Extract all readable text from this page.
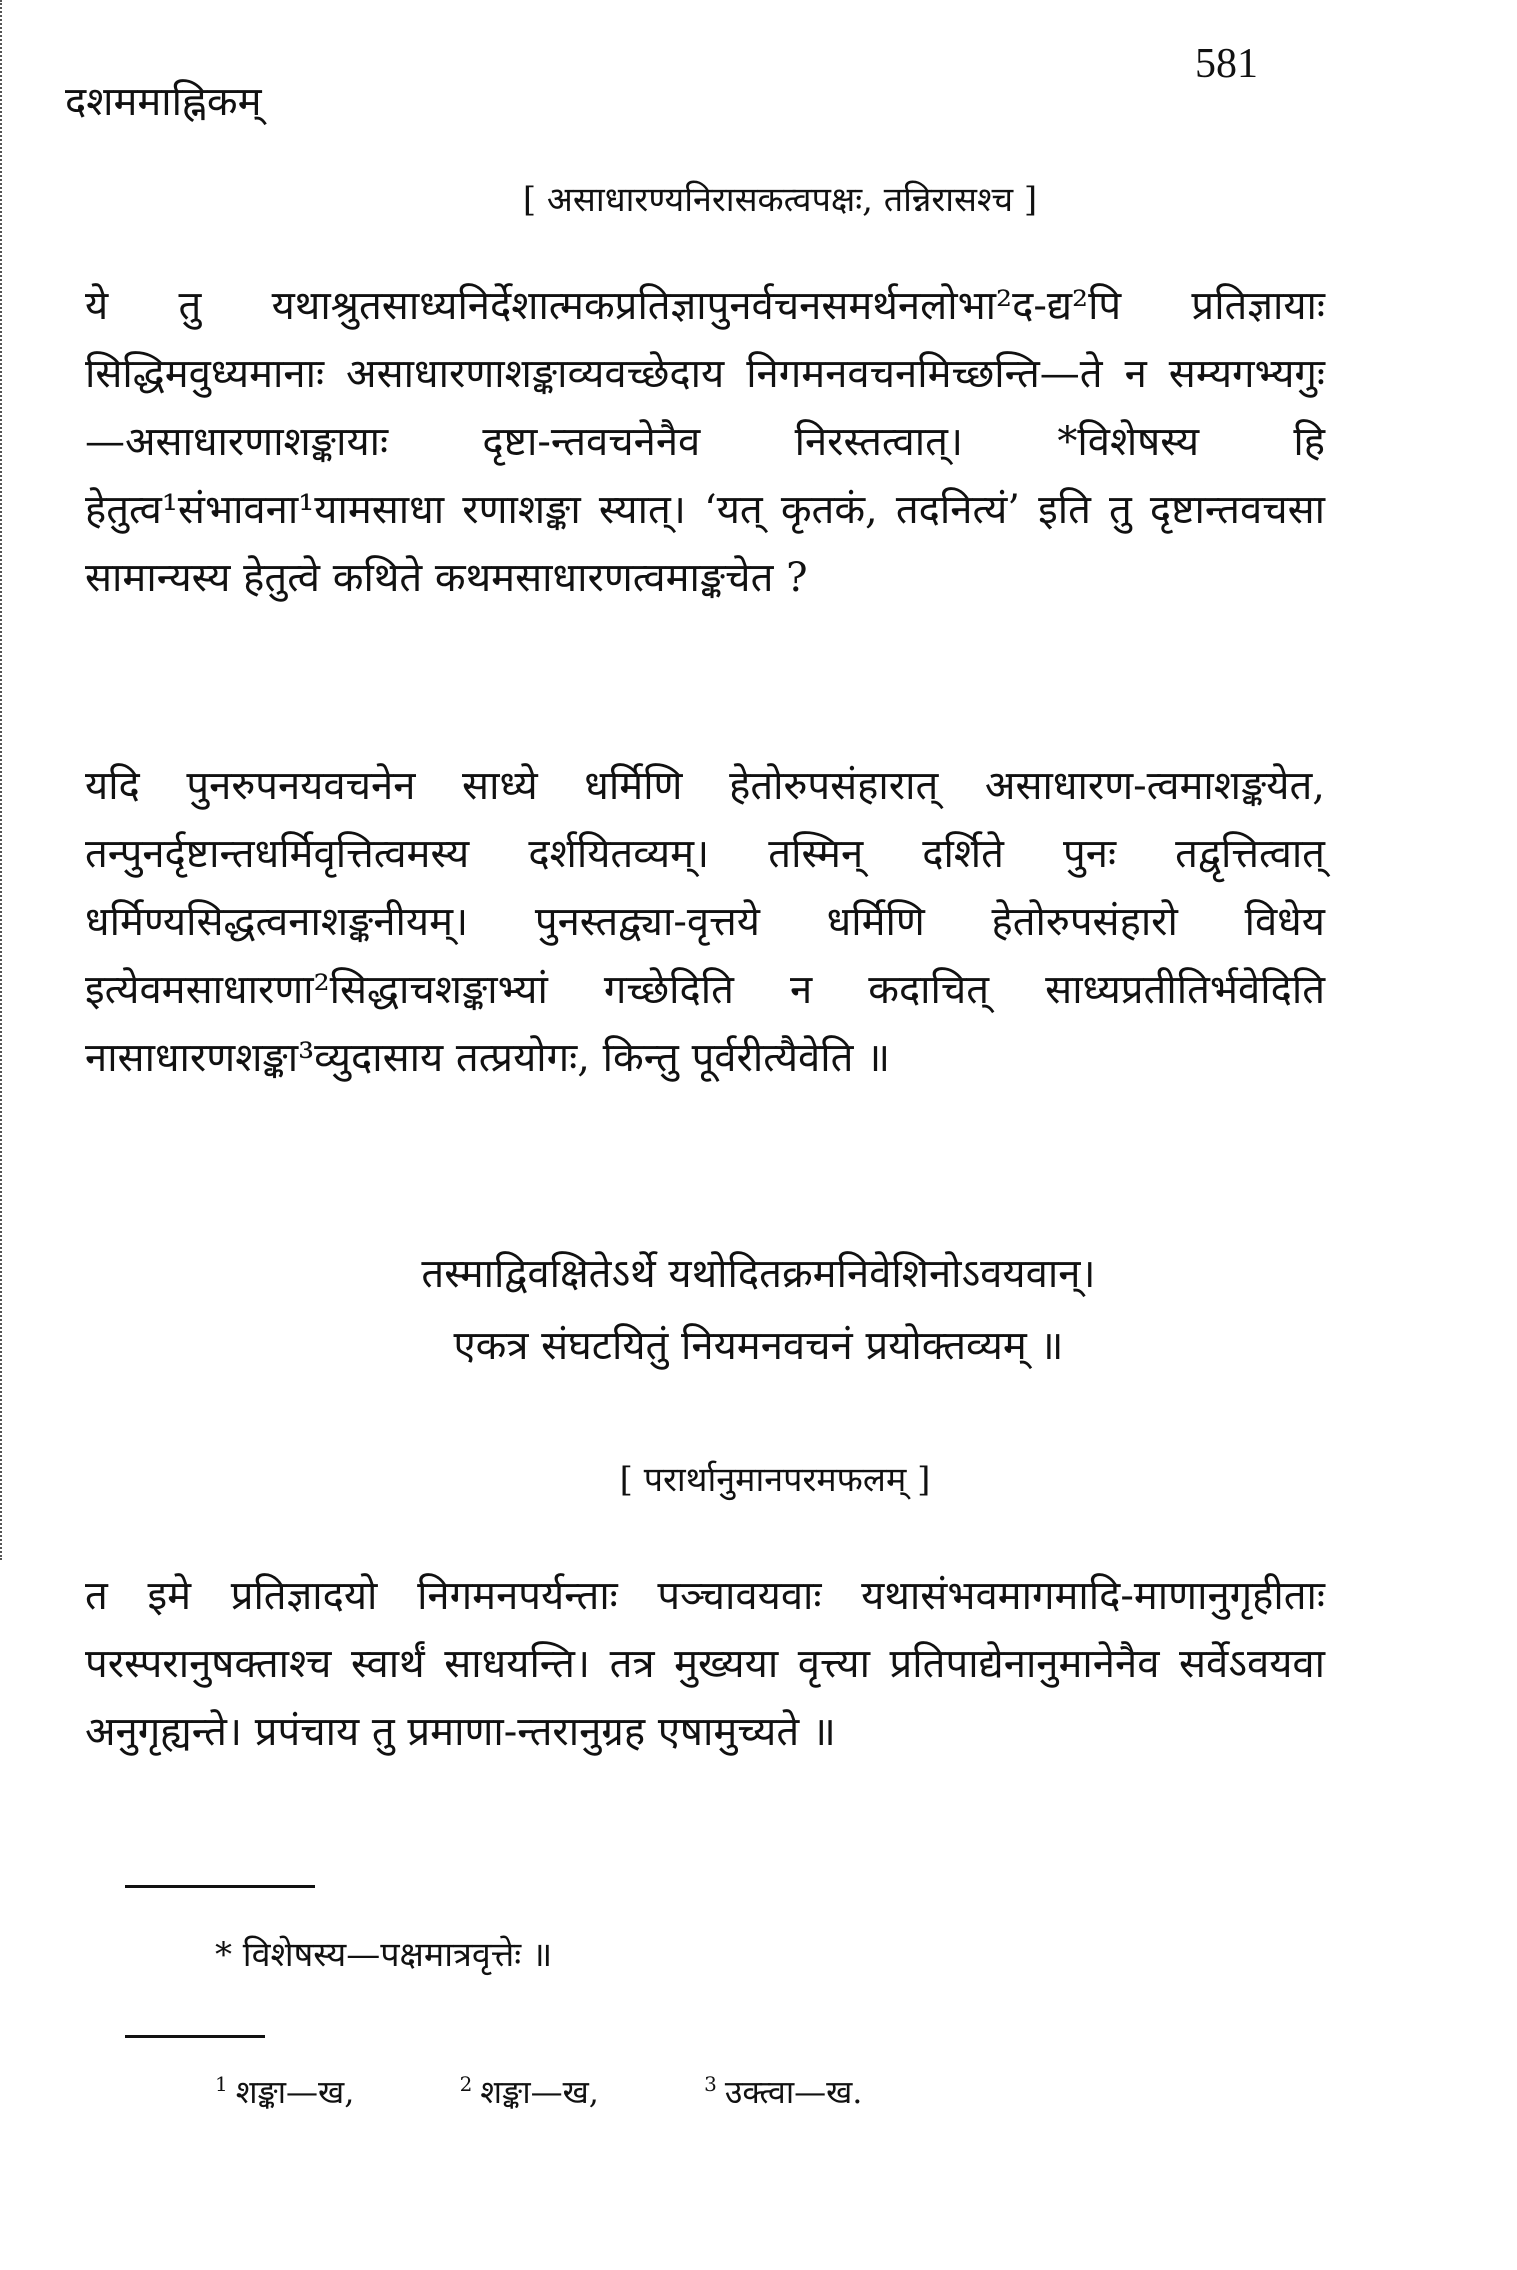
दशममाह्निकम्
581
[ असाधारण्यनिरासकत्वपक्षः, तन्निरासश्च ]

ये तु यथाश्रुतसाध्यनिर्देशात्मकप्रतिज्ञापुनर्वचनसमर्थनलोभा²द-द्य²पि प्रतिज्ञायाः सिद्धिमवुध्यमानाः असाधारणाशङ्काव्यवच्छेदाय निगमनवचनमिच्छन्ति—ते न सम्यगभ्यगुः—असाधारणाशङ्कायाः दृष्टा-न्तवचनेनैव निरस्तत्वात्। *विशेषस्य हि हेतुत्व¹संभावना¹यामसाधा रणाशङ्का स्यात्। ‘यत् कृतकं, तदनित्यं’ इति तु दृष्टान्तवचसा सामान्यस्य हेतुत्वे कथिते कथमसाधारणत्वमाङ्कचेत ?

यदि पुनरुपनयवचनेन साध्ये धर्मिणि हेतोरुपसंहारात् असाधारण-त्वमाशङ्कयेत, तन्पुनर्दृष्टान्तधर्मिवृत्तित्वमस्य दर्शयितव्यम्। तस्मिन् दर्शिते पुनः तद्वृत्तित्वात् धर्मिण्यसिद्धत्वनाशङ्कनीयम्। पुनस्तद्व्या-वृत्तये धर्मिणि हेतोरुपसंहारो विधेय इत्येवमसाधारणा²सिद्धाचशङ्काभ्यां गच्छेदिति न कदाचित् साध्यप्रतीतिर्भवेदिति नासाधारणशङ्का³व्युदासाय तत्प्रयोगः, किन्तु पूर्वरीत्यैवेति ॥

तस्माद्विवक्षितेऽर्थे यथोदितक्रमनिवेशिनोऽवयवान्।
एकत्र संघटयितुं नियमनवचनं प्रयोक्तव्यम् ॥
[ परार्थानुमानपरमफलम् ]

त इमे प्रतिज्ञादयो निगमनपर्यन्ताः पञ्चावयवाः यथासंभवमागमादि-माणानुगृहीताः परस्परानुषक्ताश्च स्वार्थं साधयन्ति। तत्र मुख्यया वृत्त्या प्रतिपाद्येनानुमानेनैव सर्वेऽवयवा अनुगृह्यन्ते। प्रपंचाय तु प्रमाणा-न्तरानुग्रह एषामुच्यते ॥

* विशेषस्य—पक्षमात्रवृत्तेः ॥
$^1$ शङ्का—ख,	$^2$ शङ्का—ख,	$^3$ उक्त्वा—ख.
